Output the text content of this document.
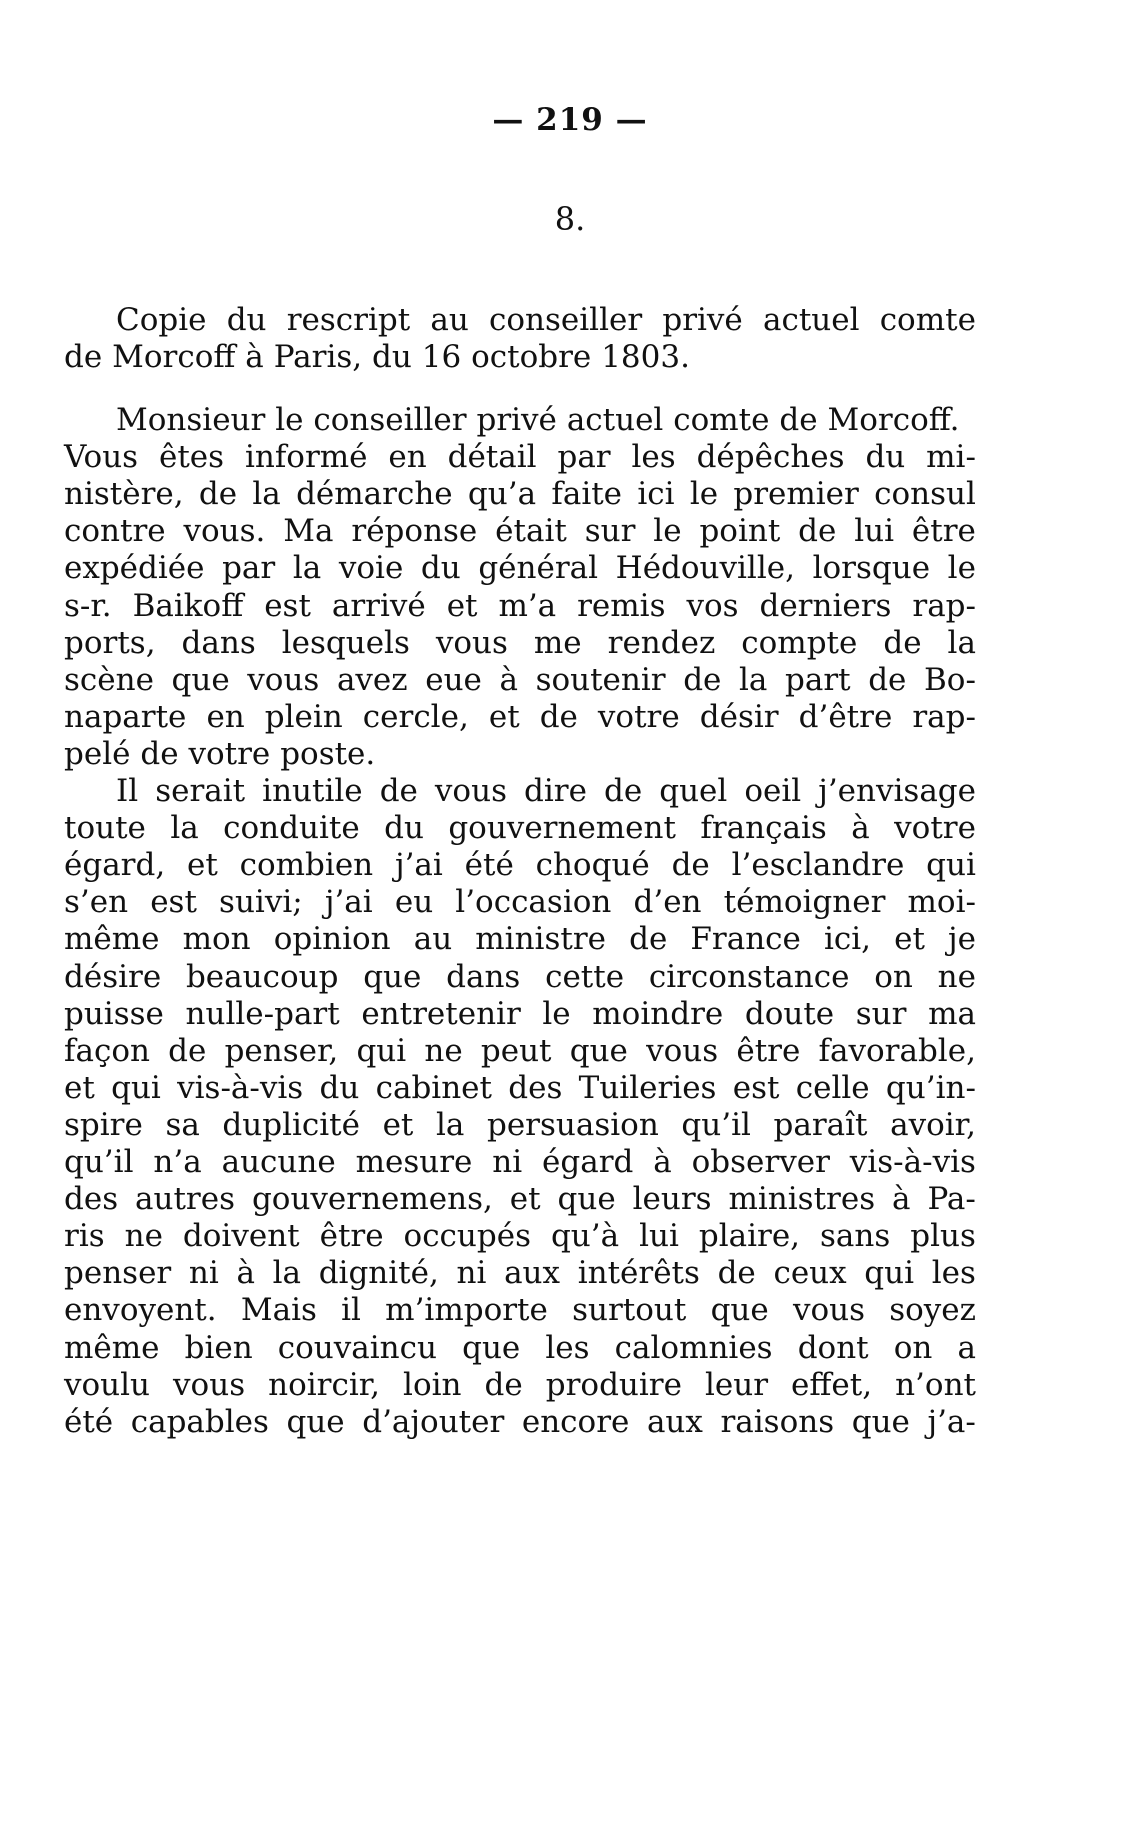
— 219 —
8.
Copie du rescript au conseiller privé actuel comte
de Morcoff à Paris, du 16 octobre 1803.
Monsieur le conseiller privé actuel comte de Morcoff.
Vous êtes informé en détail par les dépêches du mi-
nistère, de la démarche qu’a faite ici le premier consul
contre vous. Ma réponse était sur le point de lui être
expédiée par la voie du général Hédouville, lorsque le
s-r. Baikoff est arrivé et m’a remis vos derniers rap-
ports, dans lesquels vous me rendez compte de la
scène que vous avez eue à soutenir de la part de Bo-
naparte en plein cercle, et de votre désir d’être rap-
pelé de votre poste.
Il serait inutile de vous dire de quel oeil j’envisage
toute la conduite du gouvernement français à votre
égard, et combien j’ai été choqué de l’esclandre qui
s’en est suivi; j’ai eu l’occasion d’en témoigner moi-
même mon opinion au ministre de France ici, et je
désire beaucoup que dans cette circonstance on ne
puisse nulle-part entretenir le moindre doute sur ma
façon de penser, qui ne peut que vous être favorable,
et qui vis-à-vis du cabinet des Tuileries est celle qu’in-
spire sa duplicité et la persuasion qu’il paraît avoir,
qu’il n’a aucune mesure ni égard à observer vis-à-vis
des autres gouvernemens, et que leurs ministres à Pa-
ris ne doivent être occupés qu’à lui plaire, sans plus
penser ni à la dignité, ni aux intérêts de ceux qui les
envoyent. Mais il m’importe surtout que vous soyez
même bien couvaincu que les calomnies dont on a
voulu vous noircir, loin de produire leur effet, n’ont
été capables que d’ajouter encore aux raisons que j’a-
